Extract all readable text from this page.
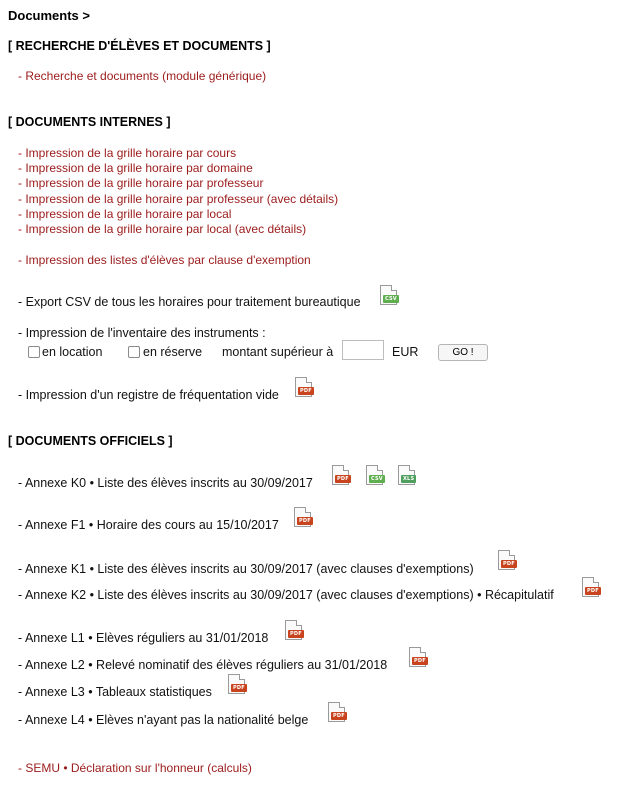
Documents >
[ RECHERCHE D'ÉLÈVES ET DOCUMENTS ]
- Recherche et documents (module générique)
[ DOCUMENTS INTERNES ]
- Impression de la grille horaire par cours
- Impression de la grille horaire par domaine
- Impression de la grille horaire par professeur
- Impression de la grille horaire par professeur (avec détails)
- Impression de la grille horaire par local
- Impression de la grille horaire par local (avec détails)
- Impression des listes d'élèves par clause d'exemption
- Export CSV de tous les horaires pour traitement bureautique	CSV
- Impression de l'inventaire des instruments :
en location	en réserve montant supérieur à	EUR	GO !
- Impression d'un registre de fréquentation vide	PDF
[ DOCUMENTS OFFICIELS ]
- Annexe K0 • Liste des élèves inscrits au 30/09/2017	PDF	CSV	XLS
- Annexe F1 • Horaire des cours au 15/10/2017	PDF
- Annexe K1 • Liste des élèves inscrits au 30/09/2017 (avec clauses d'exemptions)	PDF
- Annexe K2 • Liste des élèves inscrits au 30/09/2017 (avec clauses d'exemptions) • Récapitulatif	PDF
- Annexe L1 • Elèves réguliers au 31/01/2018	PDF
- Annexe L2 • Relevé nominatif des élèves réguliers au 31/01/2018	PDF
- Annexe L3 • Tableaux statistiques	PDF
- Annexe L4 • Elèves n'ayant pas la nationalité belge	PDF
- SEMU • Déclaration sur l'honneur (calculs)
